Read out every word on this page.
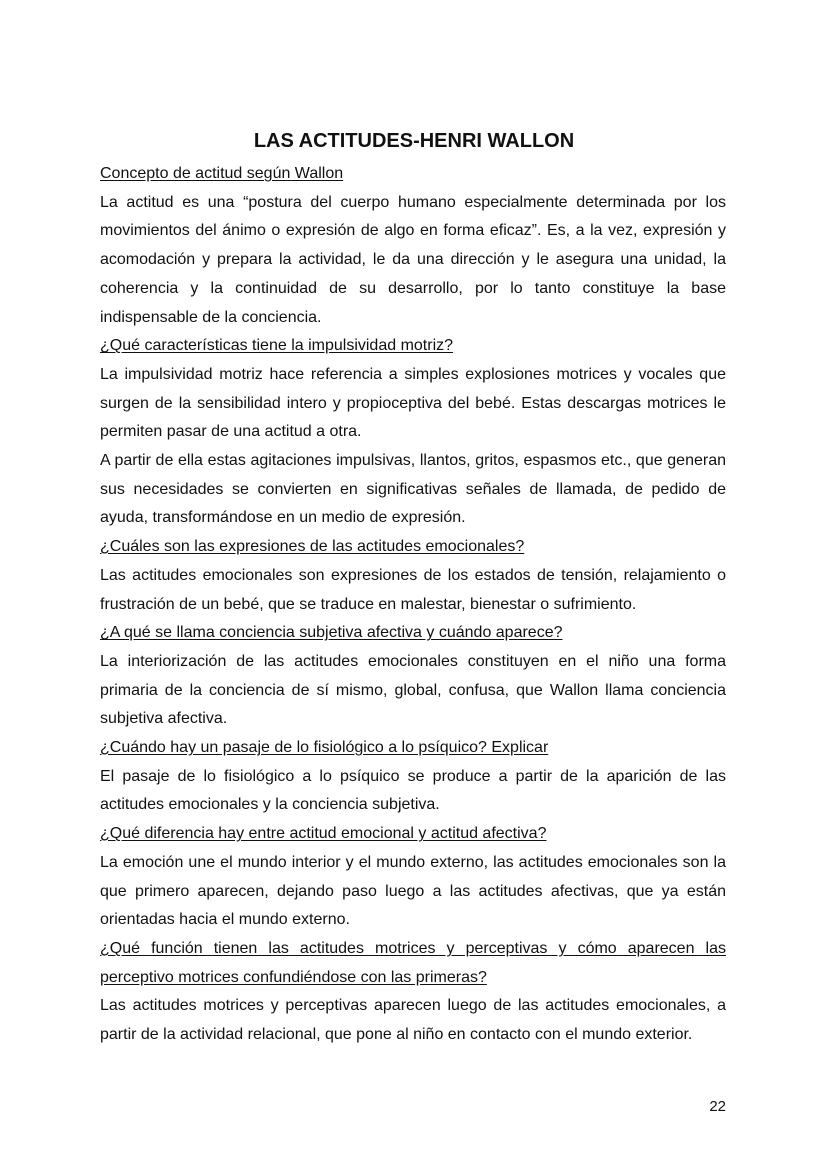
LAS ACTITUDES-HENRI WALLON

Concepto de actitud según Wallon

La actitud es una “postura del cuerpo humano especialmente determinada por los movimientos del ánimo o expresión de algo en forma eficaz”. Es, a la vez, expresión y acomodación y prepara la actividad, le da una dirección y le asegura una unidad, la coherencia y la continuidad de su desarrollo, por lo tanto constituye la base indispensable de la conciencia.

¿Qué características tiene la impulsividad motriz?

La impulsividad motriz hace referencia a simples explosiones motrices y vocales que surgen de la sensibilidad intero y propioceptiva del bebé. Estas descargas motrices le permiten pasar de una actitud a otra.

A partir de ella estas agitaciones impulsivas, llantos, gritos, espasmos etc., que generan sus necesidades se convierten en significativas señales de llamada, de pedido de ayuda, transformándose en un medio de expresión.

¿Cuáles son las expresiones de las actitudes emocionales?

Las actitudes emocionales son expresiones de los estados de tensión, relajamiento o frustración de un bebé, que se traduce en malestar, bienestar o sufrimiento.

¿A qué se llama conciencia subjetiva afectiva y cuándo aparece?

La interiorización de las actitudes emocionales constituyen en el niño una forma primaria de la conciencia de sí mismo, global, confusa, que Wallon llama conciencia subjetiva afectiva.

¿Cuándo hay un pasaje de lo fisiológico a lo psíquico? Explicar

El pasaje de lo fisiológico a lo psíquico se produce a partir de la aparición de las actitudes emocionales y la conciencia subjetiva.

¿Qué diferencia hay entre actitud emocional y actitud afectiva?

La emoción une el mundo interior y el mundo externo, las actitudes emocionales son la que primero aparecen, dejando paso luego a las actitudes afectivas, que ya están orientadas hacia el mundo externo.

¿Qué función tienen las actitudes motrices y perceptivas y cómo aparecen las perceptivo motrices confundiéndose con las primeras?

Las actitudes motrices y perceptivas aparecen luego de las actitudes emocionales, a partir de la actividad relacional, que pone al niño en contacto con el mundo exterior.

22
